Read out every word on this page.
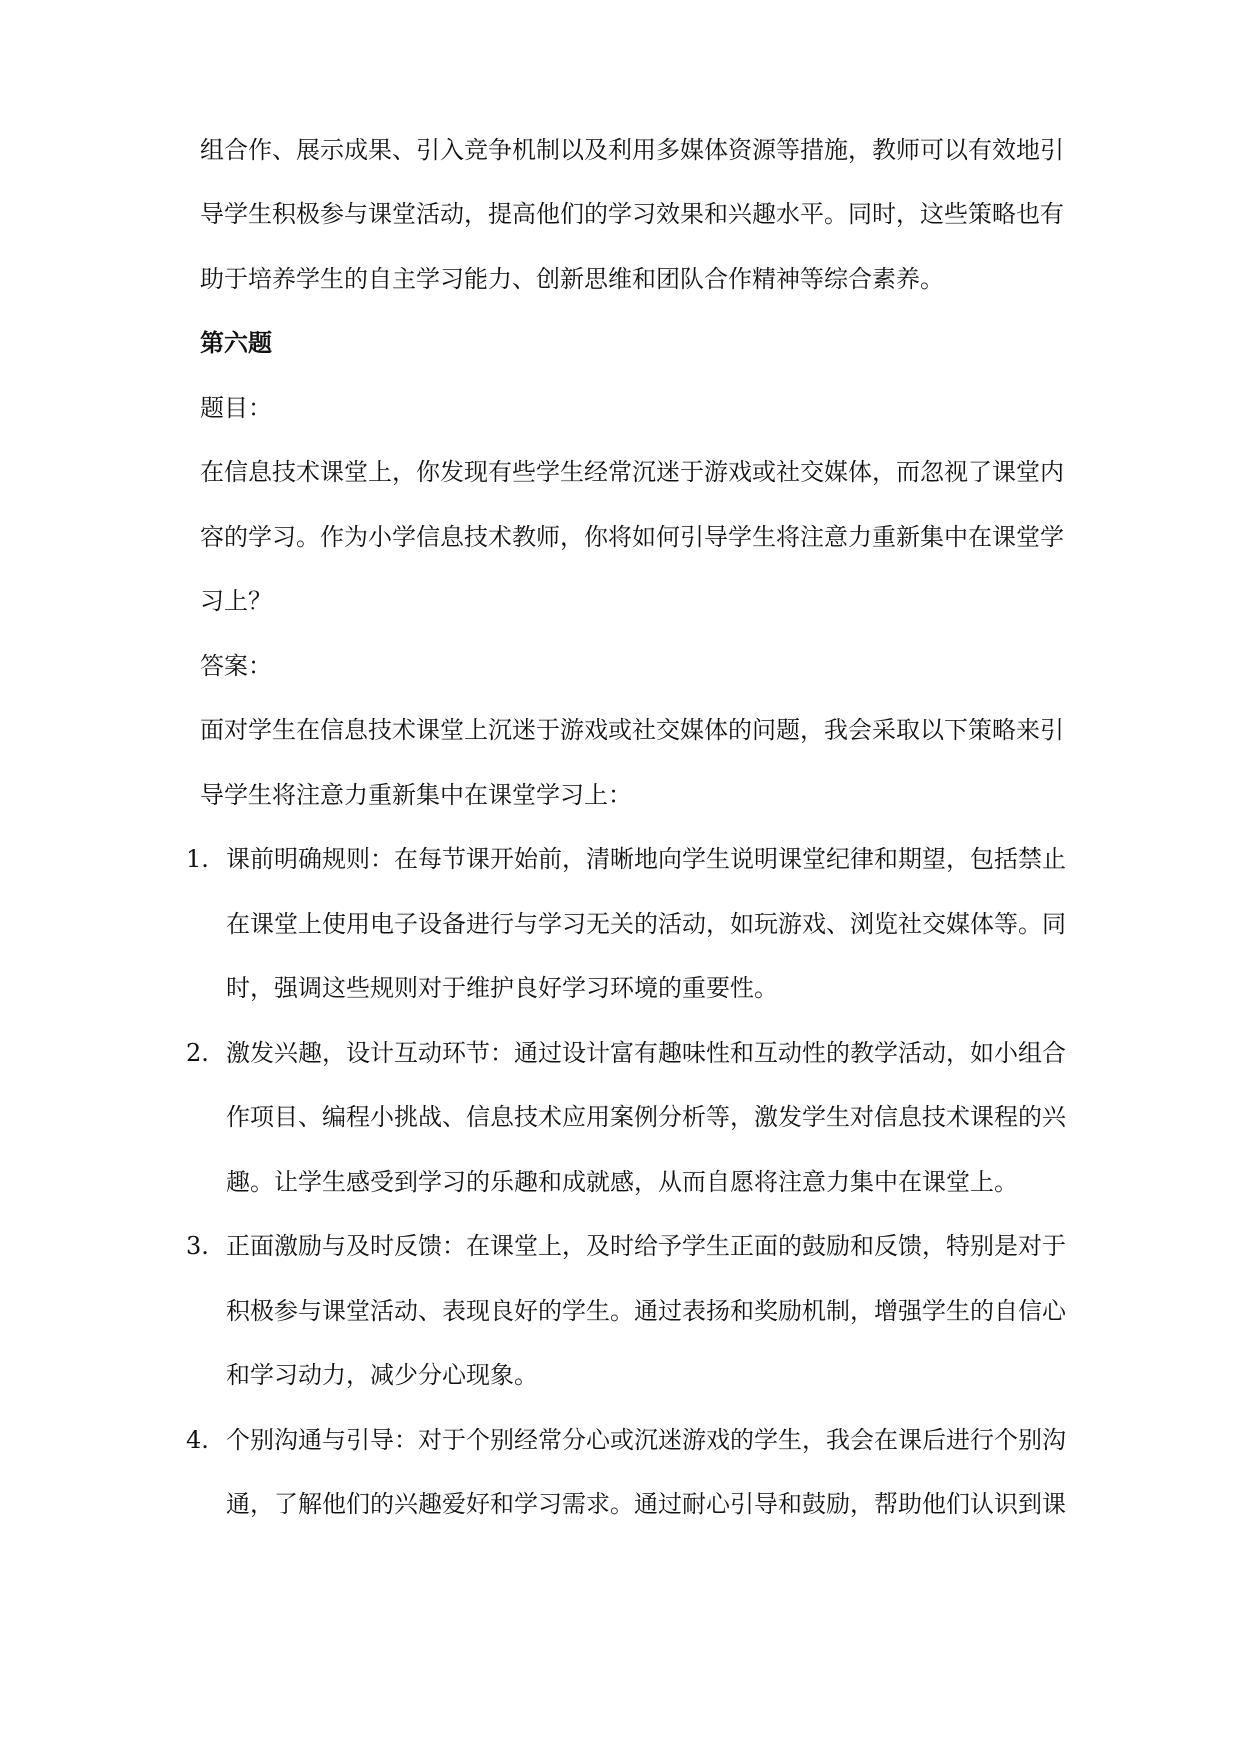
组合作、展示成果、引入竞争机制以及利用多媒体资源等措施，教师可以有效地引
导学生积极参与课堂活动，提高他们的学习效果和兴趣水平。同时，这些策略也有
助于培养学生的自主学习能力、创新思维和团队合作精神等综合素养。
第六题
题目：
在信息技术课堂上，你发现有些学生经常沉迷于游戏或社交媒体，而忽视了课堂内
容的学习。作为小学信息技术教师，你将如何引导学生将注意力重新集中在课堂学
习上？
答案：
面对学生在信息技术课堂上沉迷于游戏或社交媒体的问题，我会采取以下策略来引
导学生将注意力重新集中在课堂学习上：
1. 课前明确规则：在每节课开始前，清晰地向学生说明课堂纪律和期望，包括禁止
在课堂上使用电子设备进行与学习无关的活动，如玩游戏、浏览社交媒体等。同
时，强调这些规则对于维护良好学习环境的重要性。
2. 激发兴趣，设计互动环节：通过设计富有趣味性和互动性的教学活动，如小组合
作项目、编程小挑战、信息技术应用案例分析等，激发学生对信息技术课程的兴
趣。让学生感受到学习的乐趣和成就感，从而自愿将注意力集中在课堂上。
3. 正面激励与及时反馈：在课堂上，及时给予学生正面的鼓励和反馈，特别是对于
积极参与课堂活动、表现良好的学生。通过表扬和奖励机制，增强学生的自信心
和学习动力，减少分心现象。
4. 个别沟通与引导：对于个别经常分心或沉迷游戏的学生，我会在课后进行个别沟
通，了解他们的兴趣爱好和学习需求。通过耐心引导和鼓励，帮助他们认识到课
